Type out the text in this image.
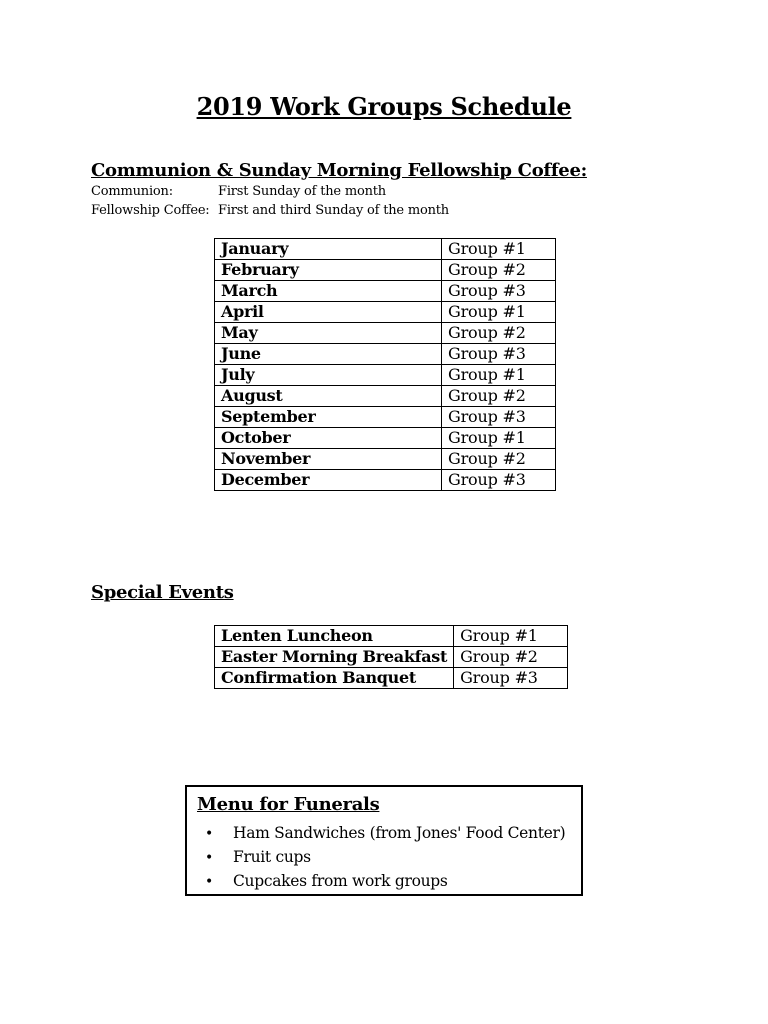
2019 Work Groups Schedule
Communion & Sunday Morning Fellowship Coffee:
Communion:	First Sunday of the month
Fellowship Coffee: First and third Sunday of the month
January	Group #1
February	Group #2
March	Group #3
April	Group #1
May	Group #2
June	Group #3
July	Group #1
August	Group #2
September	Group #3
October	Group #1
November	Group #2
December	Group #3
Special Events
Lenten Luncheon	Group #1
Easter Morning Breakfast	Group #2
Confirmation Banquet	Group #3
Menu for Funerals
• Ham Sandwiches (from Jones' Food Center)
• Fruit cups
• Cupcakes from work groups
